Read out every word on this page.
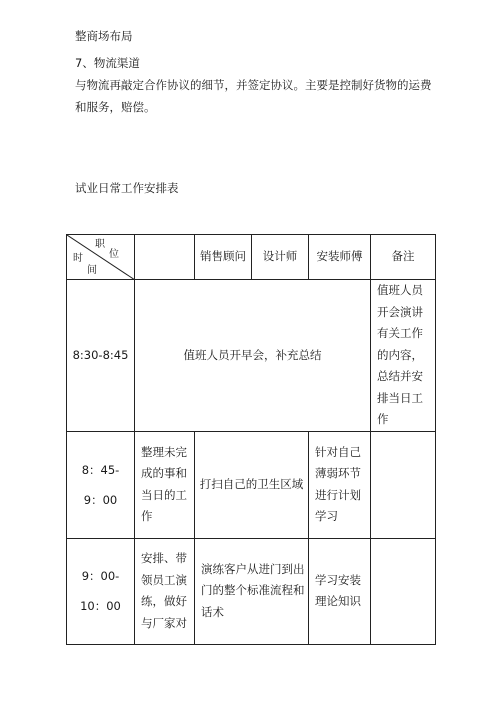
整商场布局
7、物流渠道
与物流再敲定合作协议的细节，并签定协议。主要是控制好货物的运费和服务，赔偿。
试业日常工作安排表
职
位
时
间		销售顾问	设计师	安装师傅	备注
8:30-8:45	值班人员开早会，补充总结				值班人员开会演讲有关工作的内容，总结并安排当日工作
8：45-9：00	整理未完成的事和当日的工作	打扫自己的卫生区域		针对自己薄弱环节进行计划学习	
9：00-10：00	安排、带领员工演练，做好与厂家对	演练客户从进门到出门的整个标准流程和话术		学习安装理论知识	
